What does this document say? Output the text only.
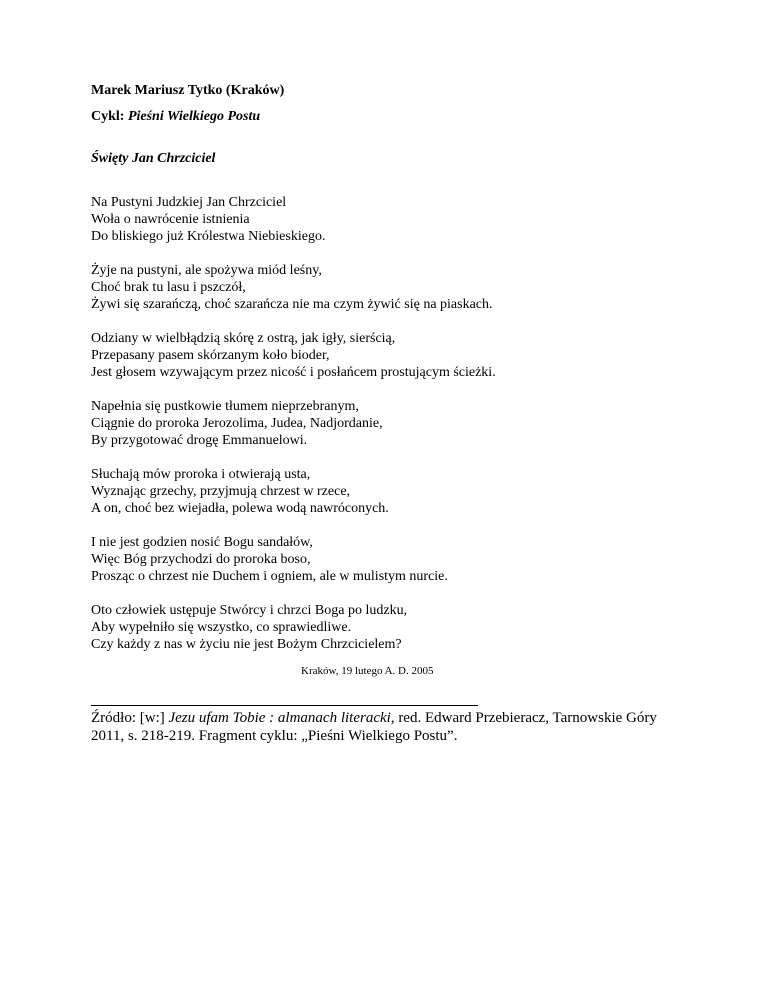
Marek Mariusz Tytko (Kraków)

Cykl: Pieśni Wielkiego Postu

Święty Jan Chrzciciel

Na Pustyni Judzkiej Jan Chrzciciel
Woła o nawrócenie istnienia
Do bliskiego już Królestwa Niebieskiego.
Żyje na pustyni, ale spożywa miód leśny,
Choć brak tu lasu i pszczół,
Żywi się szarańczą, choć szarańcza nie ma czym żywić się na piaskach.
Odziany w wielbłądzią skórę z ostrą, jak igły, sierścią,
Przepasany pasem skórzanym koło bioder,
Jest głosem wzywającym przez nicość i posłańcem prostującym ścieżki.
Napełnia się pustkowie tłumem nieprzebranym,
Ciągnie do proroka Jerozolima, Judea, Nadjordanie,
By przygotować drogę Emmanuelowi.
Słuchają mów proroka i otwierają usta,
Wyznając grzechy, przyjmują chrzest w rzece,
A on, choć bez wiejadła, polewa wodą nawróconych.
I nie jest godzien nosić Bogu sandałów,
Więc Bóg przychodzi do proroka boso,
Prosząc o chrzest nie Duchem i ogniem, ale w mulistym nurcie.
Oto człowiek ustępuje Stwórcy i chrzci Boga po ludzku,
Aby wypełniło się wszystko, co sprawiedliwe.
Czy każdy z nas w życiu nie jest Bożym Chrzcicielem?

Kraków, 19 lutego A. D. 2005

Źródło: [w:] Jezu ufam Tobie : almanach literacki, red. Edward Przebieracz, Tarnowskie Góry 2011, s. 218-219. Fragment cyklu: „Pieśni Wielkiego Postu”.
